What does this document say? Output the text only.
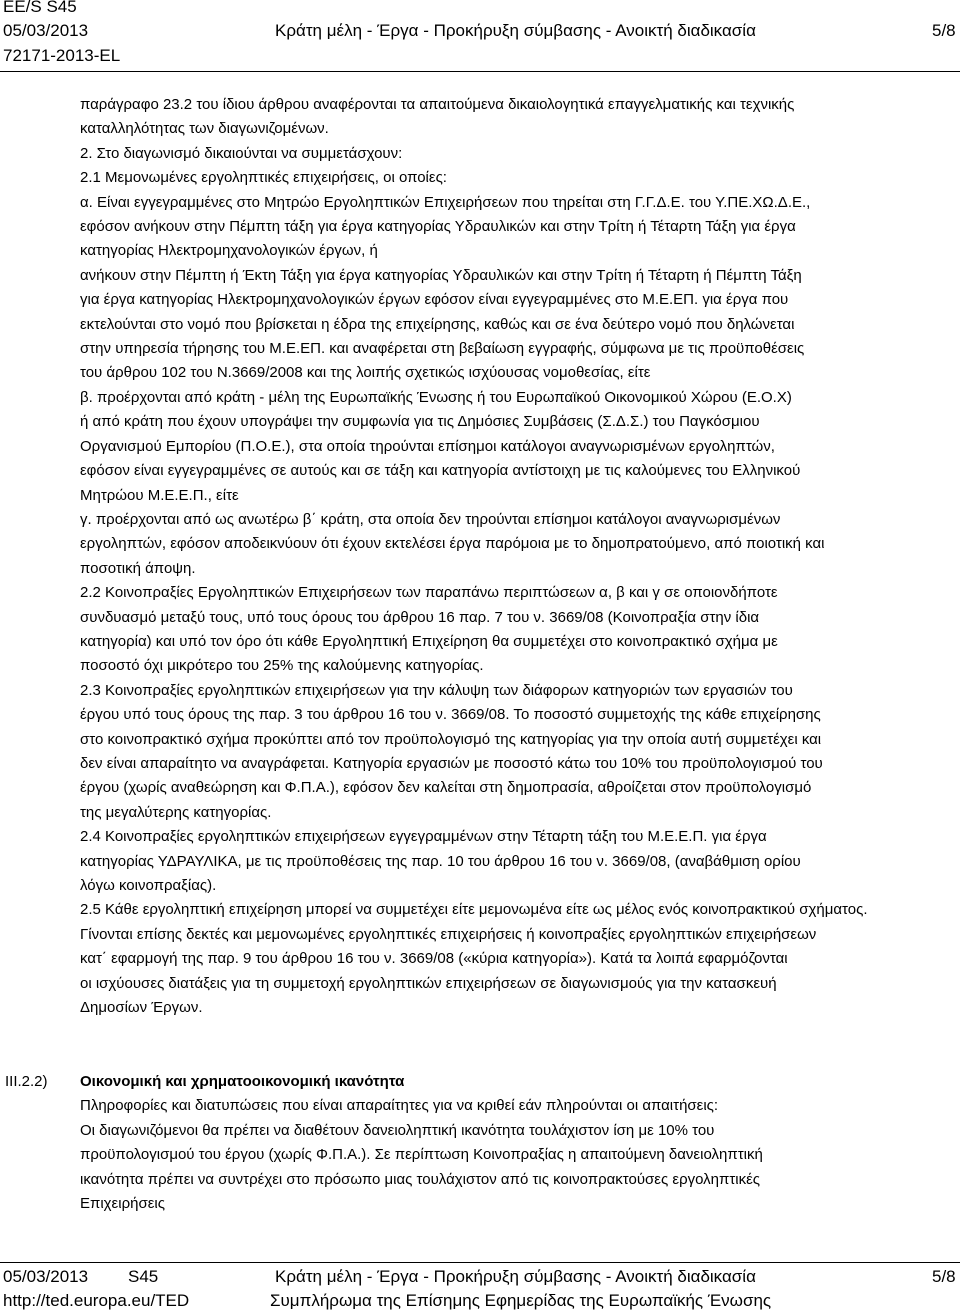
EE/S S45
05/03/2013
72171-2013-EL
Κράτη μέλη - Έργα - Προκήρυξη σύμβασης - Ανοικτή διαδικασία	5/8

παράγραφο 23.2 του ίδιου άρθρου αναφέρονται τα απαιτούμενα δικαιολογητικά επαγγελματικής και τεχνικής

καταλληλότητας των διαγωνιζομένων.

2. Στο διαγωνισμό δικαιούνται να συμμετάσχουν:

2.1 Μεμονωμένες εργοληπτικές επιχειρήσεις, οι οποίες:

α. Είναι εγγεγραμμένες στο Μητρώο Εργοληπτικών Επιχειρήσεων που τηρείται στη Γ.Γ.Δ.Ε. του Υ.ΠΕ.ΧΩ.Δ.Ε.,

εφόσον ανήκουν στην Πέμπτη τάξη για έργα κατηγορίας Υδραυλικών και στην Τρίτη ή Τέταρτη Τάξη για έργα

κατηγορίας Ηλεκτρομηχανολογικών έργων, ή

ανήκουν στην Πέμπτη ή Έκτη Τάξη για έργα κατηγορίας Υδραυλικών και στην Τρίτη ή Τέταρτη ή Πέμπτη Τάξη

για έργα κατηγορίας Ηλεκτρομηχανολογικών έργων εφόσον είναι εγγεγραμμένες στο Μ.Ε.ΕΠ. για έργα που

εκτελούνται στο νομό που βρίσκεται η έδρα της επιχείρησης, καθώς και σε ένα δεύτερο νομό που δηλώνεται

στην υπηρεσία τήρησης του Μ.Ε.ΕΠ. και αναφέρεται στη βεβαίωση εγγραφής, σύμφωνα με τις προϋποθέσεις

του άρθρου 102 του Ν.3669/2008 και της λοιπής σχετικώς ισχύουσας νομοθεσίας, είτε

β. προέρχονται από κράτη - μέλη της Ευρωπαϊκής Ένωσης ή του Ευρωπαϊκού Οικονομικού Χώρου (Ε.Ο.Χ)

ή από κράτη που έχουν υπογράψει την συμφωνία για τις Δημόσιες Συμβάσεις (Σ.Δ.Σ.) του Παγκόσμιου

Οργανισμού Εμπορίου (Π.Ο.Ε.), στα οποία τηρούνται επίσημοι κατάλογοι αναγνωρισμένων εργοληπτών,

εφόσον είναι εγγεγραμμένες σε αυτούς και σε τάξη και κατηγορία αντίστοιχη με τις καλούμενες του Ελληνικού

Μητρώου Μ.Ε.Ε.Π., είτε

γ. προέρχονται από ως ανωτέρω β΄ κράτη, στα οποία δεν τηρούνται επίσημοι κατάλογοι αναγνωρισμένων

εργοληπτών, εφόσον αποδεικνύουν ότι έχουν εκτελέσει έργα παρόμοια με το δημοπρατούμενο, από ποιοτική και

ποσοτική άποψη.

2.2 Κοινοπραξίες Εργοληπτικών Επιχειρήσεων των παραπάνω περιπτώσεων α, β και γ σε οποιονδήποτε

συνδυασμό μεταξύ τους, υπό τους όρους του άρθρου 16 παρ. 7 του ν. 3669/08 (Κοινοπραξία στην ίδια

κατηγορία) και υπό τον όρο ότι κάθε Εργοληπτική Επιχείρηση θα συμμετέχει στο κοινοπρακτικό σχήμα με

ποσοστό όχι μικρότερο του 25% της καλούμενης κατηγορίας.

2.3 Κοινοπραξίες εργοληπτικών επιχειρήσεων για την κάλυψη των διάφορων κατηγοριών των εργασιών του

έργου υπό τους όρους της παρ. 3 του άρθρου 16 του ν. 3669/08. Το ποσοστό συμμετοχής της κάθε επιχείρησης

στο κοινοπρακτικό σχήμα προκύπτει από τον προϋπολογισμό της κατηγορίας για την οποία αυτή συμμετέχει και

δεν είναι απαραίτητο να αναγράφεται. Κατηγορία εργασιών με ποσοστό κάτω του 10% του προϋπολογισμού του

έργου (χωρίς αναθεώρηση και Φ.Π.Α.), εφόσον δεν καλείται στη δημοπρασία, αθροίζεται στον προϋπολογισμό

της μεγαλύτερης κατηγορίας.

2.4 Κοινοπραξίες εργοληπτικών επιχειρήσεων εγγεγραμμένων στην Τέταρτη τάξη του Μ.Ε.Ε.Π. για έργα

κατηγορίας ΥΔΡΑΥΛΙΚΑ, με τις προϋποθέσεις της παρ. 10 του άρθρου 16 του ν. 3669/08, (αναβάθμιση ορίου

λόγω κοινοπραξίας).

2.5 Κάθε εργοληπτική επιχείρηση μπορεί να συμμετέχει είτε μεμονωμένα είτε ως μέλος ενός κοινοπρακτικού σχήματος.

Γίνονται επίσης δεκτές και μεμονωμένες εργοληπτικές επιχειρήσεις ή κοινοπραξίες εργοληπτικών επιχειρήσεων

κατ΄ εφαρμογή της παρ. 9 του άρθρου 16 του ν. 3669/08 («κύρια κατηγορία»). Κατά τα λοιπά εφαρμόζονται

οι ισχύουσες διατάξεις για τη συμμετοχή εργοληπτικών επιχειρήσεων σε διαγωνισμούς για την κατασκευή

Δημοσίων Έργων.

III.2.2) Οικονομική και χρηματοοικονομική ικανότητα

Πληροφορίες και διατυπώσεις που είναι απαραίτητες για να κριθεί εάν πληρούνται οι απαιτήσεις:

Οι διαγωνιζόμενοι θα πρέπει να διαθέτουν δανειοληπτική ικανότητα τουλάχιστον ίση με 10% του

προϋπολογισμού του έργου (χωρίς Φ.Π.Α.). Σε περίπτωση Κοινοπραξίας η απαιτούμενη δανειοληπτική

ικανότητα πρέπει να συντρέχει στο πρόσωπο μιας τουλάχιστον από τις κοινοπρακτούσες εργοληπτικές

Επιχειρήσεις

05/03/2013 S45
http://ted.europa.eu/TED
Κράτη μέλη - Έργα - Προκήρυξη σύμβασης - Ανοικτή διαδικασία
Συμπλήρωμα της Επίσημης Εφημερίδας της Ευρωπαϊκής Ένωσης
5/8
